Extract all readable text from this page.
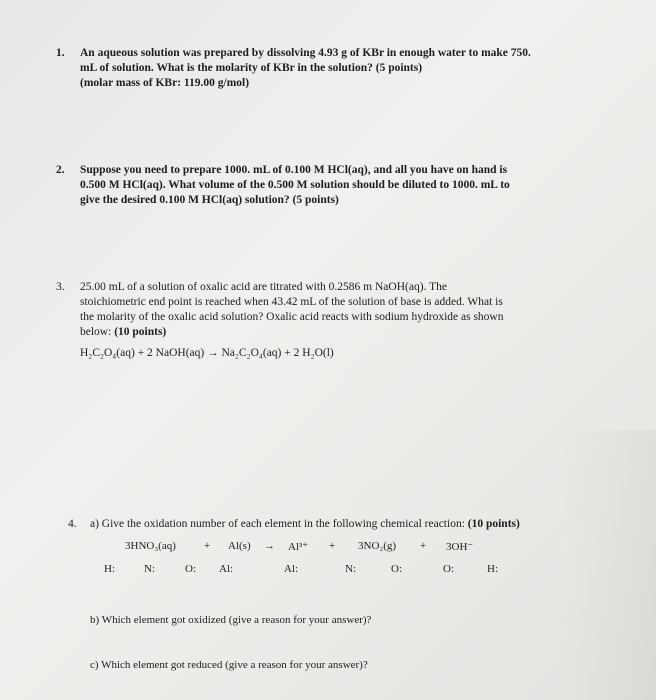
1. An aqueous solution was prepared by dissolving 4.93 g of KBr in enough water to make 750.
mL of solution. What is the molarity of KBr in the solution? (5 points)
(molar mass of KBr: 119.00 g/mol)
2. Suppose you need to prepare 1000. mL of 0.100 M HCl(aq), and all you have on hand is
0.500 M HCl(aq). What volume of the 0.500 M solution should be diluted to 1000. mL to
give the desired 0.100 M HCl(aq) solution? (5 points)
3. 25.00 mL of a solution of oxalic acid are titrated with 0.2586 m NaOH(aq). The
stoichiometric end point is reached when 43.42 mL of the solution of base is added. What is
the molarity of the oxalic acid solution? Oxalic acid reacts with sodium hydroxide as shown
below: (10 points)
H₂C₂O₄(aq) + 2 NaOH(aq) → Na₂C₂O₄(aq) + 2 H₂O(l)
4. a) Give the oxidation number of each element in the following chemical reaction: (10 points)
3HNO₃(aq)	+ Al(s) → Al³⁺ + 3NO₂(g) + 3OH⁻
H:	N:	O: Al:	Al:	N:	O:	O:	H:
b) Which element got oxidized (give a reason for your answer)?
c) Which element got reduced (give a reason for your answer)?
